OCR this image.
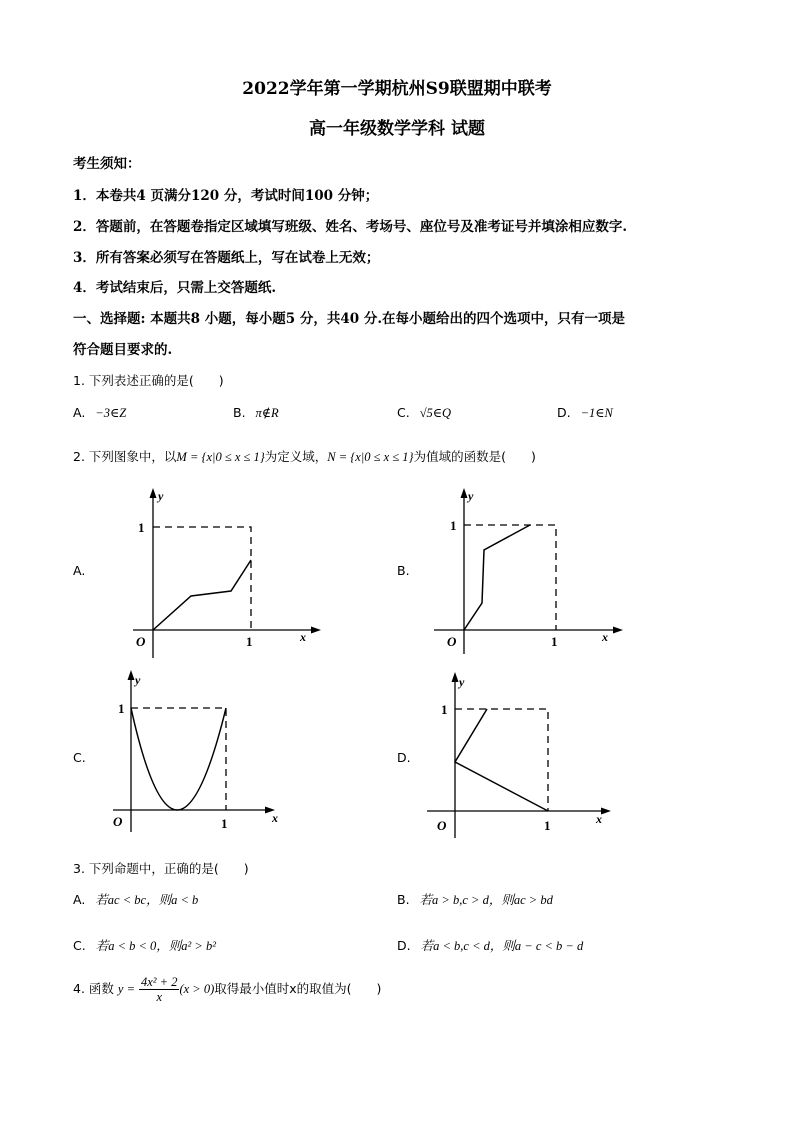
2022学年第一学期杭州S9联盟期中联考
高一年级数学学科 试题
考生须知：
1．本卷共4 页满分120 分，考试时间100 分钟；
2．答题前，在答题卷指定区域填写班级、姓名、考场号、座位号及准考证号并填涂相应数字.
3．所有答案必须写在答题纸上，写在试卷上无效；
4．考试结束后，只需上交答题纸.
一、选择题: 本题共8 小题，每小题5 分，共40 分.在每小题给出的四个选项中，只有一项是
符合题目要求的.
1. 下列表述正确的是(　　)
A. −3∈Z	B. π∉R	C. √5∈Q	D. −1∈N
2. 下列图象中，以M = {x|0 ≤ x ≤ 1}为定义域，N = {x|0 ≤ x ≤ 1}为值域的函数是(　　)
A.	B.
C.	D.
y
x
O
1
1
y
x
O
1
1
y
x
O
1
1
y
x
O
1
1
3. 下列命题中，正确的是(　　)
A. 若ac < bc，则a < b	B. 若a > b,c > d，则ac > bd
C. 若a < b < 0，则a² > b²	D. 若a < b,c < d，则a − c < b − d
4. 函数 $y = \frac{\text{4x² + 2}}{x} (x > 0)$取得最小值时x的取值为(　　)
